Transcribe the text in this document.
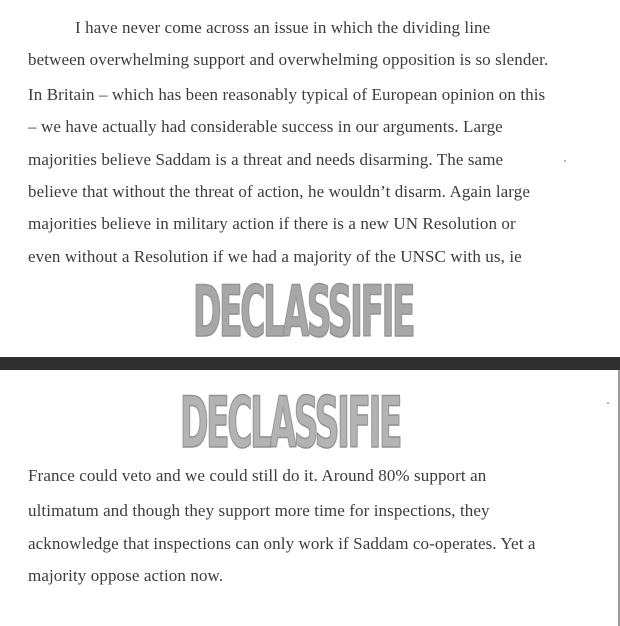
I have never come across an issue in which the dividing line
between overwhelming support and overwhelming opposition is so slender.
In Britain – which has been reasonably typical of European opinion on this
– we have actually had considerable success in our arguments. Large
majorities believe Saddam is a threat and needs disarming. The same
believe that without the threat of action, he wouldn’t disarm. Again large
majorities believe in military action if there is a new UN Resolution or
even without a Resolution if we had a majority of the UNSC with us, ie
DECLASSIFIE
France could veto and we could still do it. Around 80% support an
ultimatum and though they support more time for inspections, they
acknowledge that inspections can only work if Saddam co-operates. Yet a
majority oppose action now.
DECLASSIFIE
